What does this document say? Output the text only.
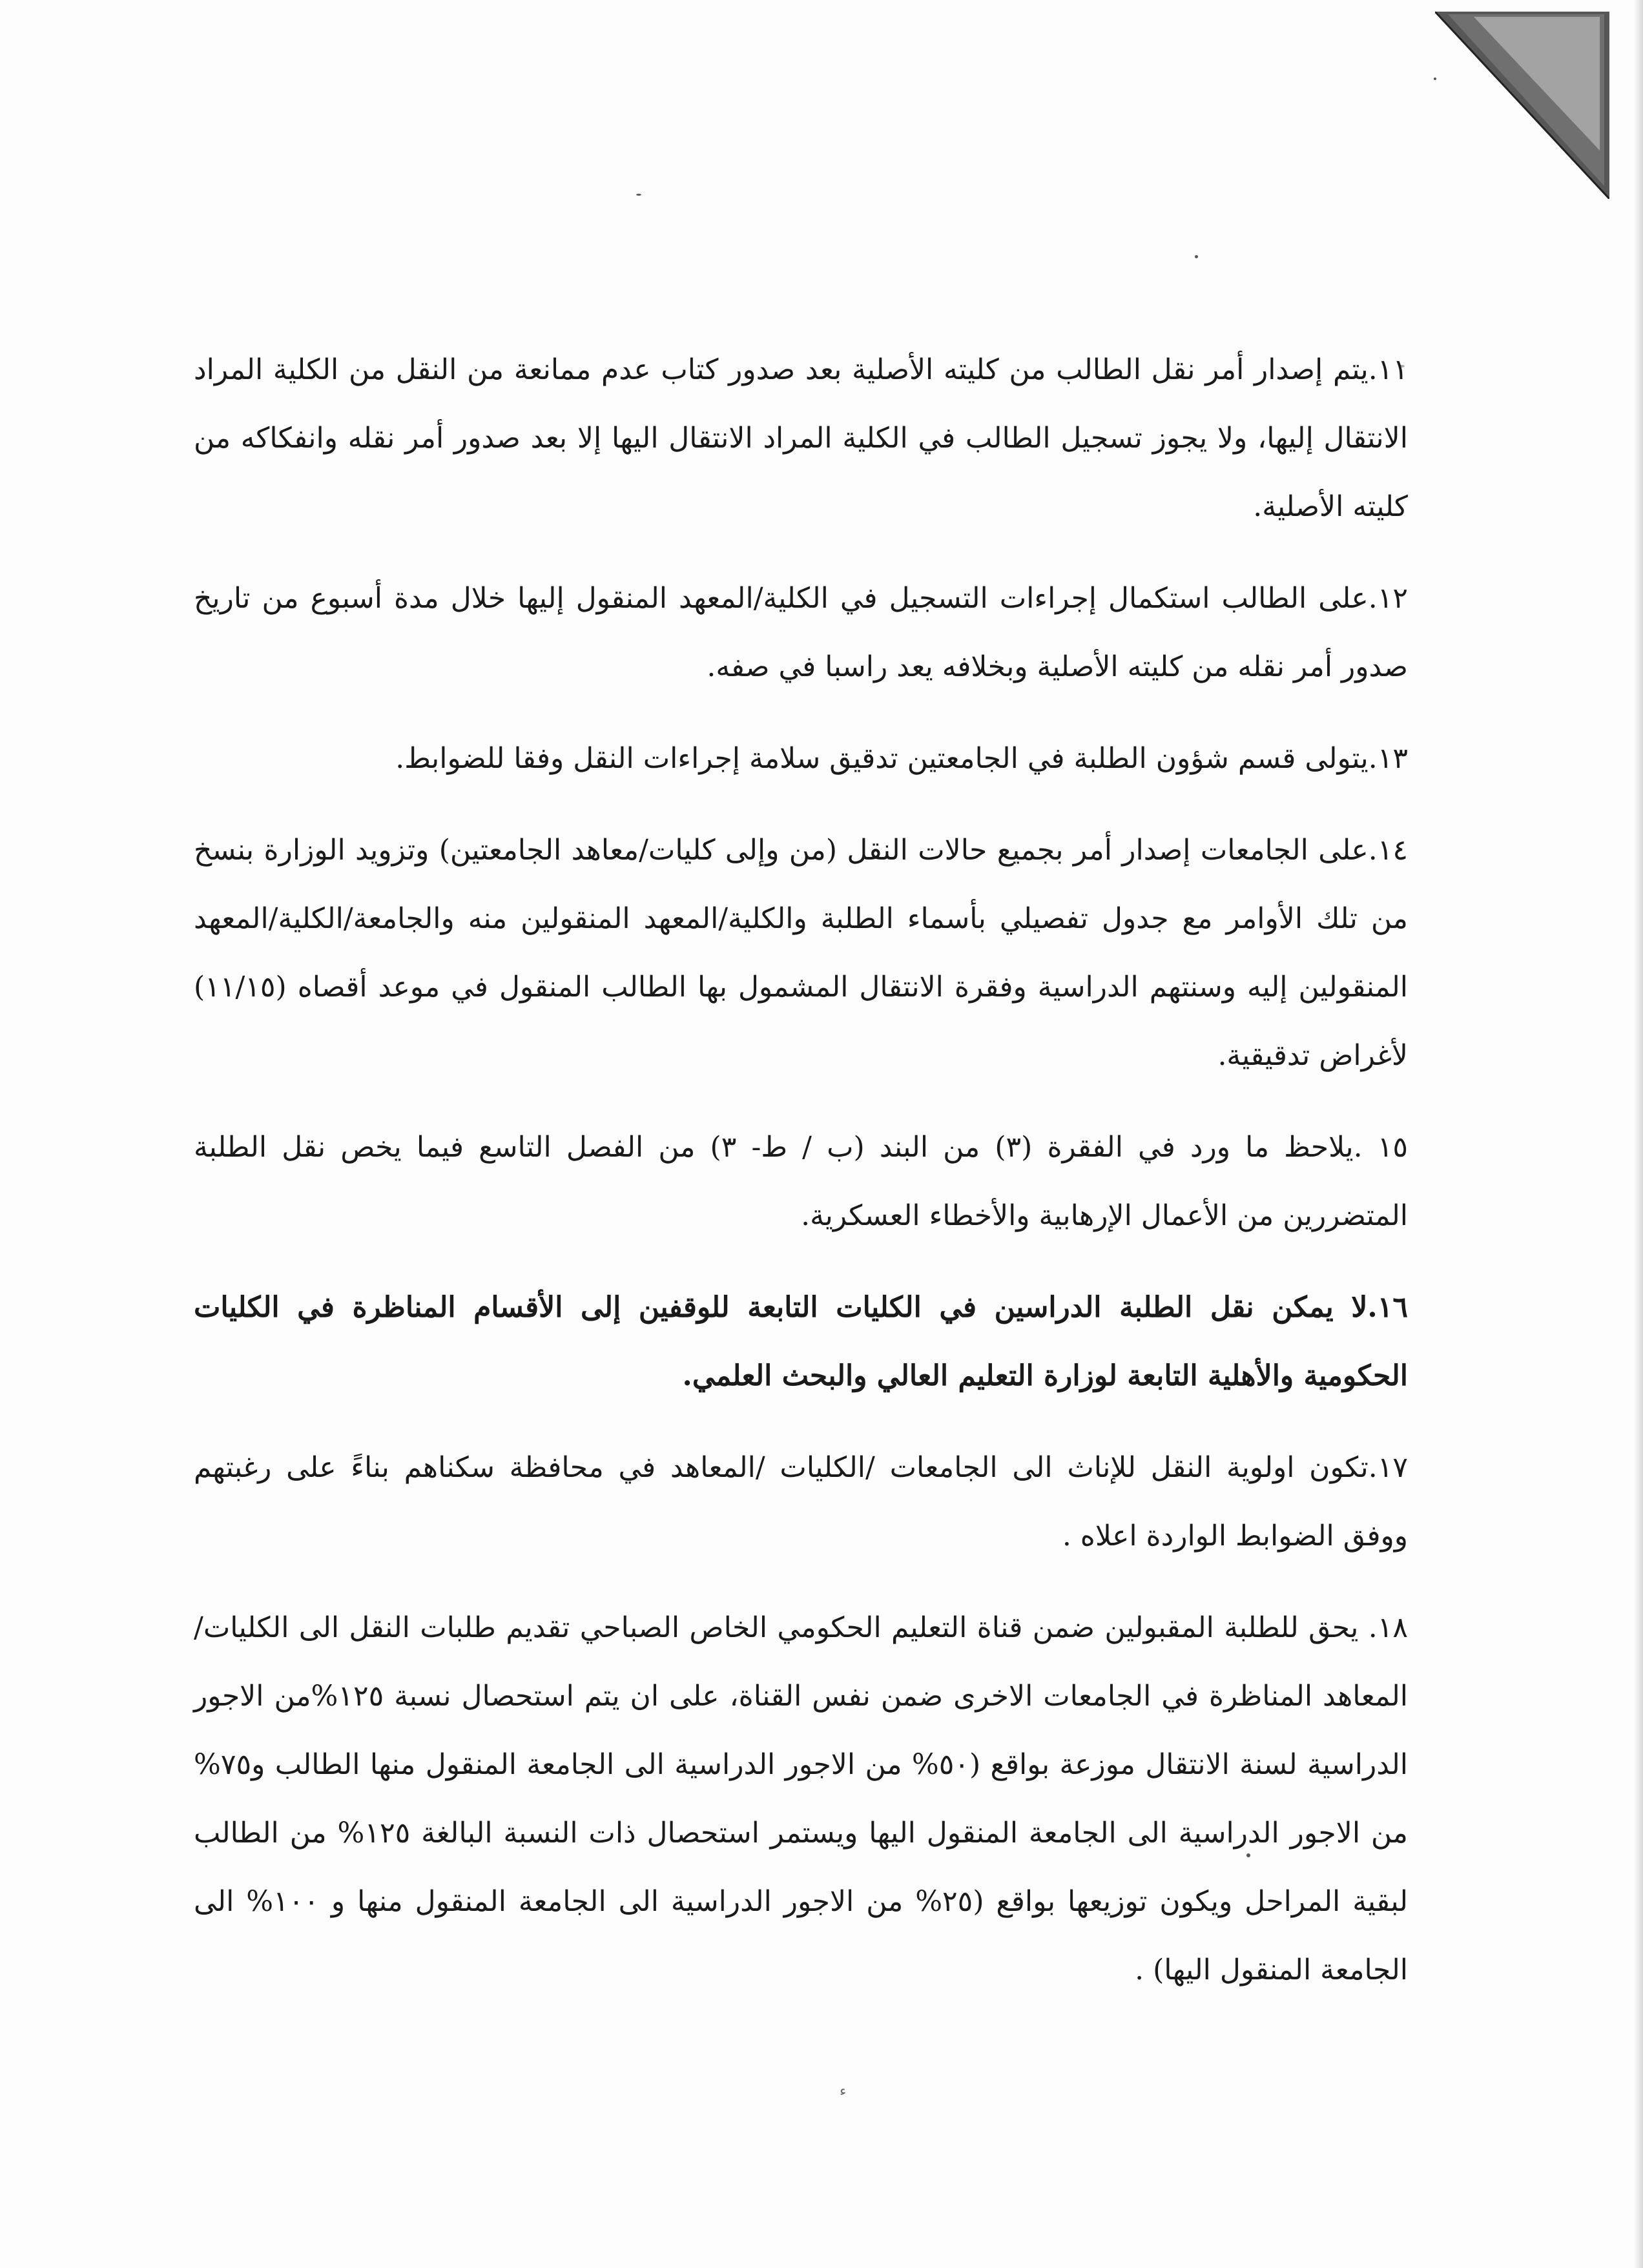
١١.يتم إصدار أمر نقل الطالب من كليته الأصلية بعد صدور كتاب عدم ممانعة من النقل من الكلية المراد الانتقال إليها، ولا يجوز تسجيل الطالب في الكلية المراد الانتقال اليها إلا بعد صدور أمر نقله وانفكاكه من كليته الأصلية.

١٢.على الطالب استكمال إجراءات التسجيل في الكلية/المعهد المنقول إليها خلال مدة أسبوع من تاريخ صدور أمر نقله من كليته الأصلية وبخلافه يعد راسبا في صفه.

١٣.يتولى قسم شؤون الطلبة في الجامعتين تدقيق سلامة إجراءات النقل وفقا للضوابط.

١٤.على الجامعات إصدار أمر بجميع حالات النقل (من وإلى كليات/معاهد الجامعتين) وتزويد الوزارة بنسخ من تلك الأوامر مع جدول تفصيلي بأسماء الطلبة والكلية/المعهد المنقولين منه والجامعة/الكلية/المعهد المنقولين إليه وسنتهم الدراسية وفقرة الانتقال المشمول بها الطالب المنقول في موعد أقصاه (١١/١٥) لأغراض تدقيقية.

١٥ .يلاحظ ما ورد في الفقرة (٣) من البند (ب / ط- ٣) من الفصل التاسع فيما يخص نقل الطلبة المتضررين من الأعمال الإرهابية والأخطاء العسكرية.

١٦.لا يمكن نقل الطلبة الدراسين في الكليات التابعة للوقفين إلى الأقسام المناظرة في الكليات الحكومية والأهلية التابعة لوزارة التعليم العالي والبحث العلمي.

١٧.تكون اولوية النقل للإناث الى الجامعات /الكليات /المعاهد في محافظة سكناهم بناءً على رغبتهم ووفق الضوابط الواردة اعلاه .

١٨. يحق للطلبة المقبولين ضمن قناة التعليم الحكومي الخاص الصباحي تقديم طلبات النقل الى الكليات/المعاهد المناظرة في الجامعات الاخرى ضمن نفس القناة، على ان يتم استحصال نسبة ١٢٥%من الاجور الدراسية لسنة الانتقال موزعة بواقع (٥٠% من الاجور الدراسية الى الجامعة المنقول منها الطالب و٧٥% من الاجور الدراسية الى الجامعة المنقول اليها ويستمر استحصال ذات النسبة البالغة ١٢٥% من الطالب لبقية المراحل ويكون توزيعها بواقع (٢٥% من الاجور الدراسية الى الجامعة المنقول منها و ١٠٠% الى الجامعة المنقول اليها) .

ء
